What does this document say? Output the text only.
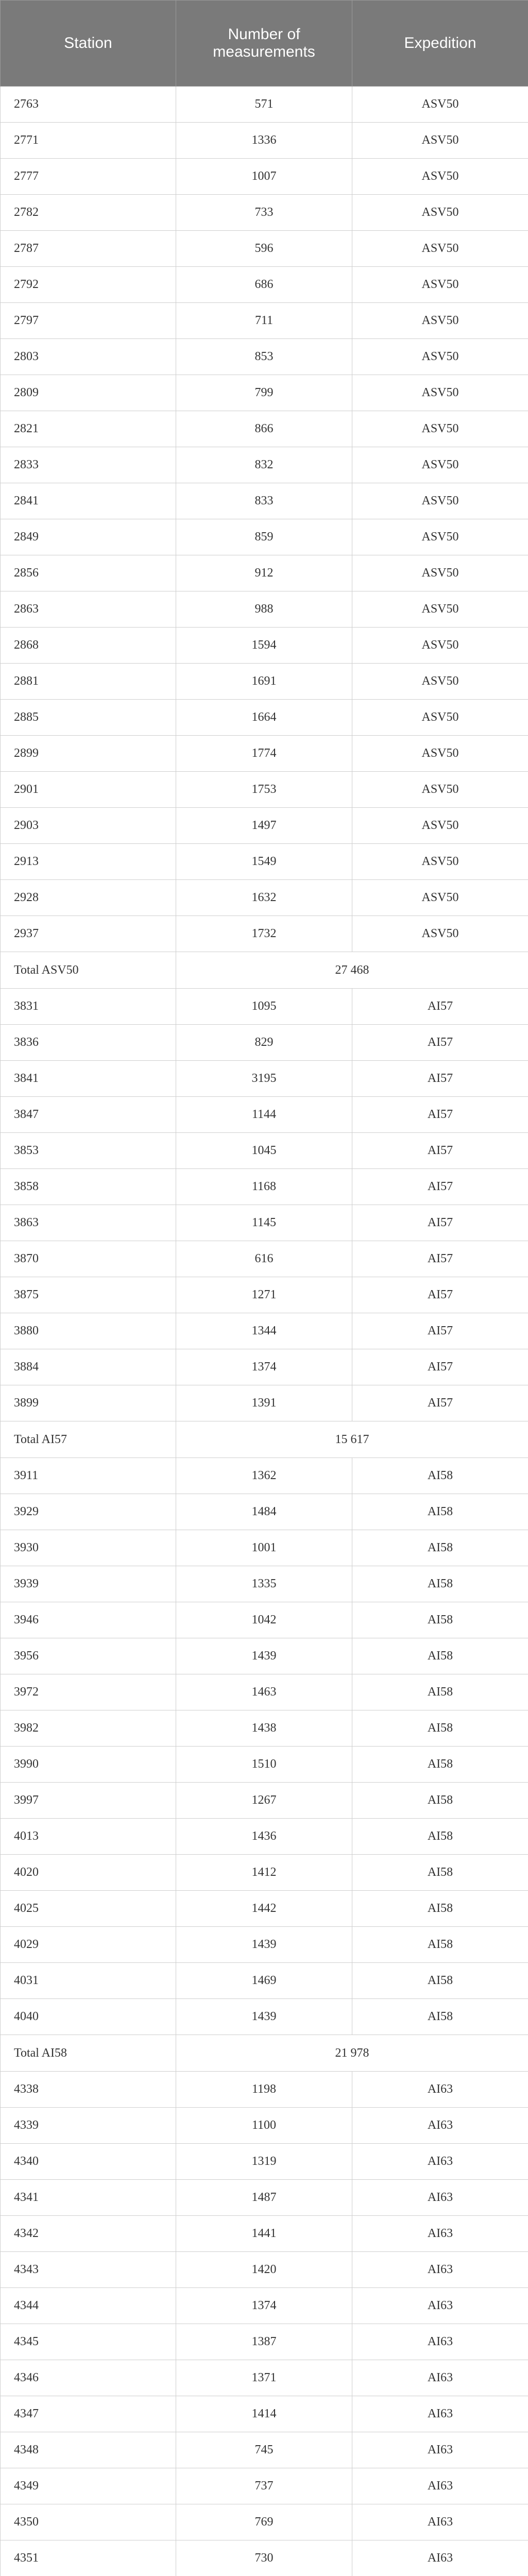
Station	Number of measurements	Expedition
2763	571	ASV50
2771	1336	ASV50
2777	1007	ASV50
2782	733	ASV50
2787	596	ASV50
2792	686	ASV50
2797	711	ASV50
2803	853	ASV50
2809	799	ASV50
2821	866	ASV50
2833	832	ASV50
2841	833	ASV50
2849	859	ASV50
2856	912	ASV50
2863	988	ASV50
2868	1594	ASV50
2881	1691	ASV50
2885	1664	ASV50
2899	1774	ASV50
2901	1753	ASV50
2903	1497	ASV50
2913	1549	ASV50
2928	1632	ASV50
2937	1732	ASV50
Total ASV50	27 468	
3831	1095	AI57
3836	829	AI57
3841	3195	AI57
3847	1144	AI57
3853	1045	AI57
3858	1168	AI57
3863	1145	AI57
3870	616	AI57
3875	1271	AI57
3880	1344	AI57
3884	1374	AI57
3899	1391	AI57
Total AI57	15 617	
3911	1362	AI58
3929	1484	AI58
3930	1001	AI58
3939	1335	AI58
3946	1042	AI58
3956	1439	AI58
3972	1463	AI58
3982	1438	AI58
3990	1510	AI58
3997	1267	AI58
4013	1436	AI58
4020	1412	AI58
4025	1442	AI58
4029	1439	AI58
4031	1469	AI58
4040	1439	AI58
Total AI58	21 978	
4338	1198	AI63
4339	1100	AI63
4340	1319	AI63
4341	1487	AI63
4342	1441	AI63
4343	1420	AI63
4344	1374	AI63
4345	1387	AI63
4346	1371	AI63
4347	1414	AI63
4348	745	AI63
4349	737	AI63
4350	769	AI63
4351	730	AI63
